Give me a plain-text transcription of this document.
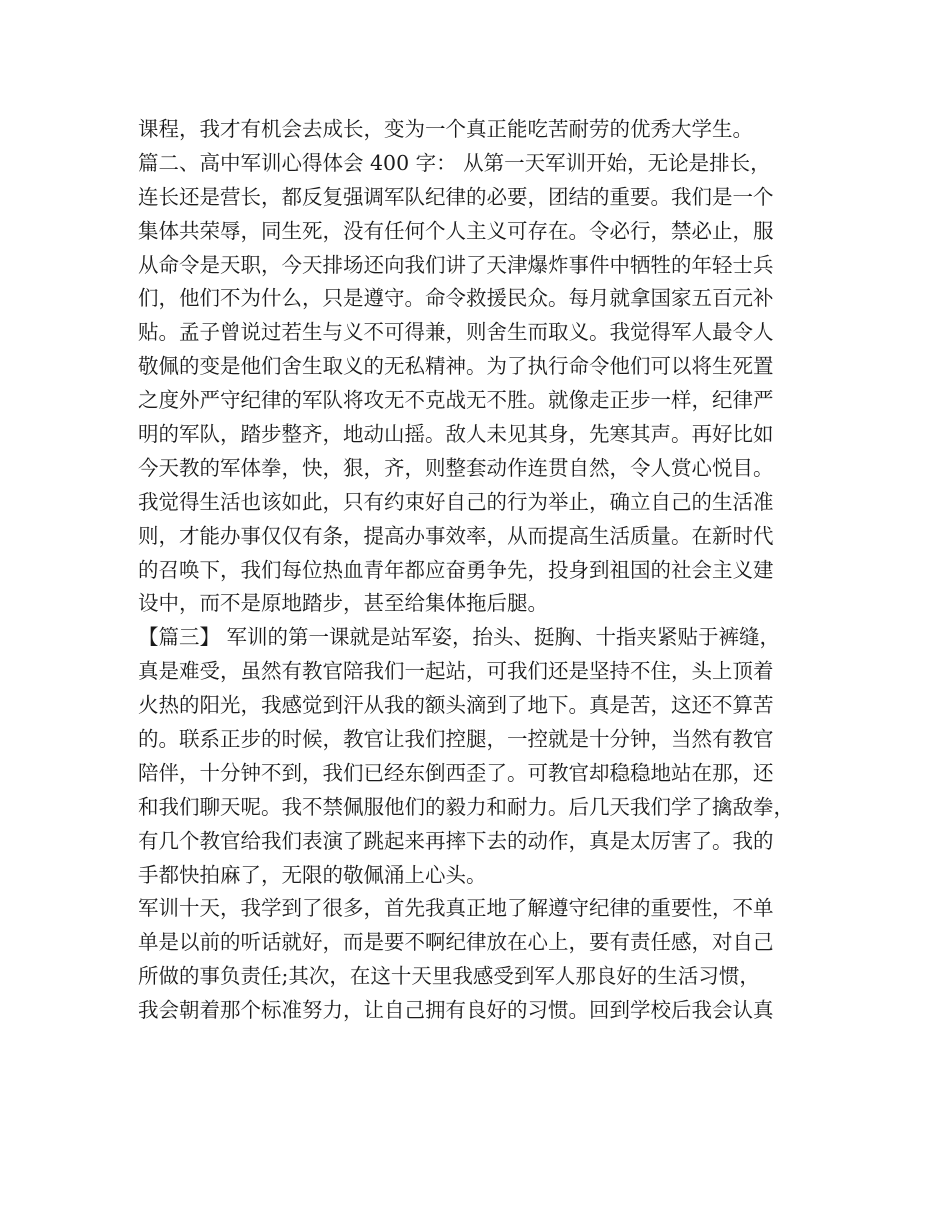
课程，我才有机会去成长，变为一个真正能吃苦耐劳的优秀大学生。
篇二、高中军训心得体会 400 字： 从第一天军训开始，无论是排长，
连长还是营长，都反复强调军队纪律的必要，团结的重要。我们是一个
集体共荣辱，同生死，没有任何个人主义可存在。令必行，禁必止，服
从命令是天职，今天排场还向我们讲了天津爆炸事件中牺牲的年轻士兵
们，他们不为什么，只是遵守。命令救援民众。每月就拿国家五百元补
贴。孟子曾说过若生与义不可得兼，则舍生而取义。我觉得军人最令人
敬佩的变是他们舍生取义的无私精神。为了执行命令他们可以将生死置
之度外严守纪律的军队将攻无不克战无不胜。就像走正步一样，纪律严
明的军队，踏步整齐，地动山摇。敌人未见其身，先寒其声。再好比如
今天教的军体拳，快，狠，齐，则整套动作连贯自然，令人赏心悦目。
我觉得生活也该如此，只有约束好自己的行为举止，确立自己的生活准
则，才能办事仅仅有条，提高办事效率，从而提高生活质量。在新时代
的召唤下，我们每位热血青年都应奋勇争先，投身到祖国的社会主义建
设中，而不是原地踏步，甚至给集体拖后腿。
【篇三】 军训的第一课就是站军姿，抬头、挺胸、十指夹紧贴于裤缝，
真是难受，虽然有教官陪我们一起站，可我们还是坚持不住，头上顶着
火热的阳光，我感觉到汗从我的额头滴到了地下。真是苦，这还不算苦
的。联系正步的时候，教官让我们控腿，一控就是十分钟，当然有教官
陪伴，十分钟不到，我们已经东倒西歪了。可教官却稳稳地站在那，还
和我们聊天呢。我不禁佩服他们的毅力和耐力。后几天我们学了擒敌拳，
有几个教官给我们表演了跳起来再摔下去的动作，真是太厉害了。我的
手都快拍麻了，无限的敬佩涌上心头。
军训十天，我学到了很多，首先我真正地了解遵守纪律的重要性，不单
单是以前的听话就好，而是要不啊纪律放在心上，要有责任感，对自己
所做的事负责任;其次，在这十天里我感受到军人那良好的生活习惯，
我会朝着那个标准努力，让自己拥有良好的习惯。回到学校后我会认真
